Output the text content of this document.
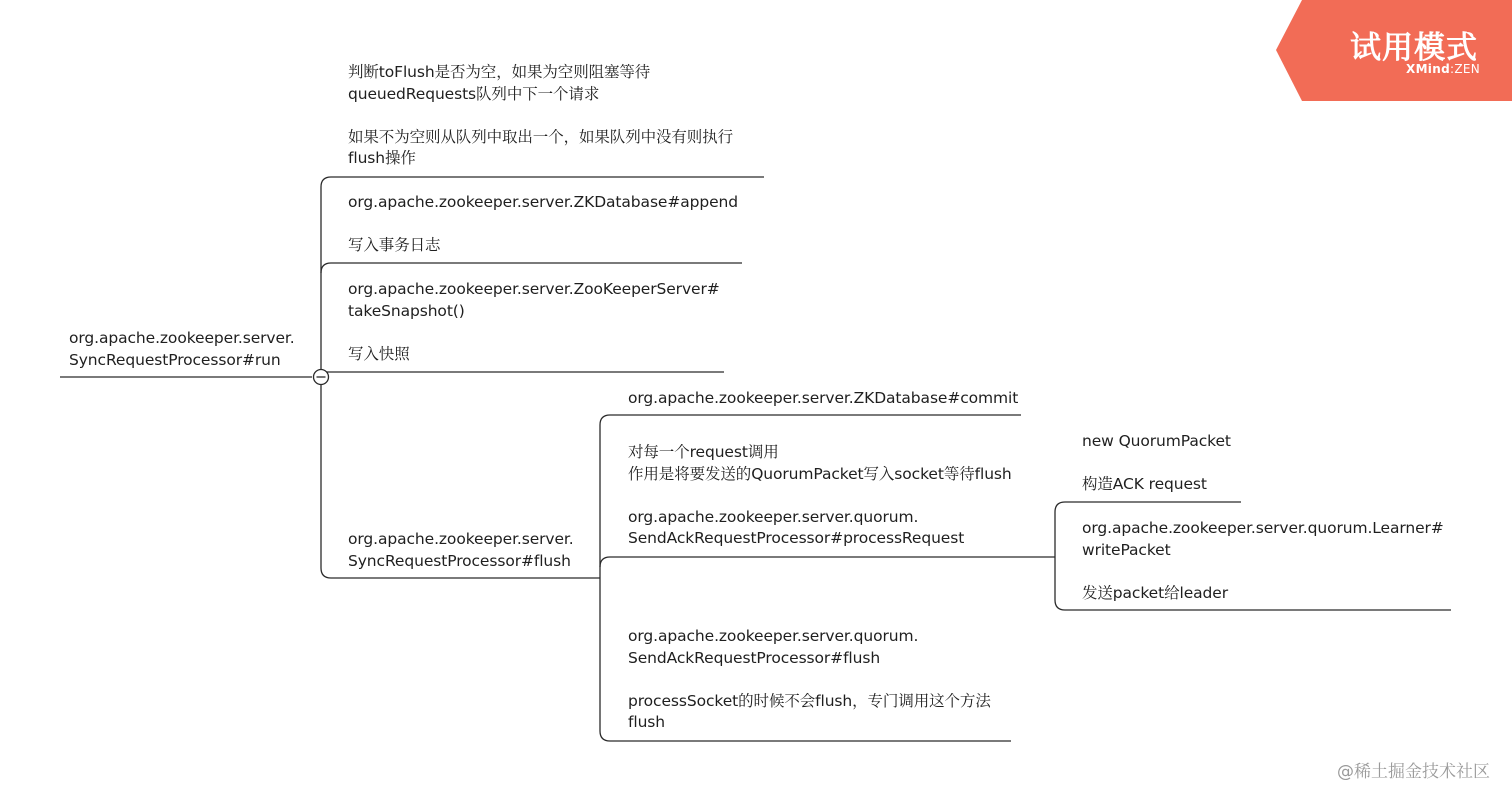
试用模式
XMind:ZEN
org.apache.zookeeper.server.
SyncRequestProcessor#run
判断toFlush是否为空，如果为空则阻塞等待
queuedRequests队列中下一个请求

如果不为空则从队列中取出一个，如果队列中没有则执行
flush操作
org.apache.zookeeper.server.ZKDatabase#append

写入事务日志
org.apache.zookeeper.server.ZooKeeperServer#
takeSnapshot()

写入快照
org.apache.zookeeper.server.
SyncRequestProcessor#flush
org.apache.zookeeper.server.ZKDatabase#commit
对每一个request调用
作用是将要发送的QuorumPacket写入socket等待flush

org.apache.zookeeper.server.quorum.
SendAckRequestProcessor#processRequest
org.apache.zookeeper.server.quorum.
SendAckRequestProcessor#flush

processSocket的时候不会flush，专门调用这个方法
flush
new QuorumPacket

构造ACK request
org.apache.zookeeper.server.quorum.Learner#
writePacket

发送packet给leader
@稀土掘金技术社区
